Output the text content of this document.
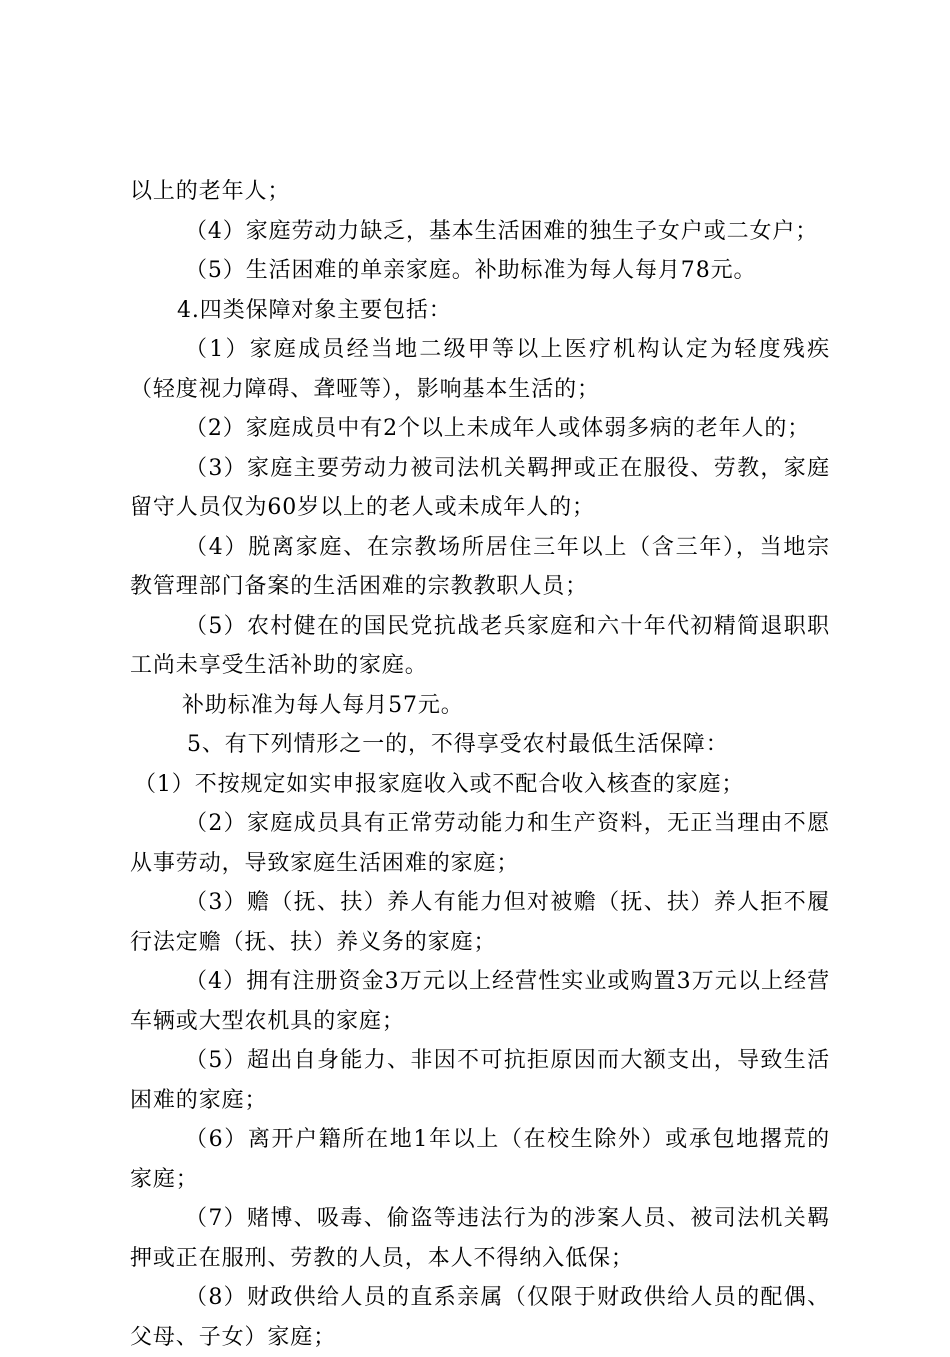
以上的老年人；

（4）家庭劳动力缺乏，基本生活困难的独生子女户或二女户；

（5）生活困难的单亲家庭。补助标准为每人每月78元。

4.四类保障对象主要包括：

（1）家庭成员经当地二级甲等以上医疗机构认定为轻度残疾（轻度视力障碍、聋哑等），影响基本生活的；

（2）家庭成员中有2个以上未成年人或体弱多病的老年人的；

（3）家庭主要劳动力被司法机关羁押或正在服役、劳教，家庭留守人员仅为60岁以上的老人或未成年人的；

（4）脱离家庭、在宗教场所居住三年以上（含三年），当地宗教管理部门备案的生活困难的宗教教职人员；

（5）农村健在的国民党抗战老兵家庭和六十年代初精简退职职工尚未享受生活补助的家庭。

补助标准为每人每月57元。

5、有下列情形之一的，不得享受农村最低生活保障：

（1）不按规定如实申报家庭收入或不配合收入核查的家庭；

（2）家庭成员具有正常劳动能力和生产资料，无正当理由不愿从事劳动，导致家庭生活困难的家庭；

（3）赡（抚、扶）养人有能力但对被赡（抚、扶）养人拒不履行法定赡（抚、扶）养义务的家庭；

（4）拥有注册资金3万元以上经营性实业或购置3万元以上经营车辆或大型农机具的家庭；

（5）超出自身能力、非因不可抗拒原因而大额支出，导致生活困难的家庭；

（6）离开户籍所在地1年以上（在校生除外）或承包地撂荒的家庭；

（7）赌博、吸毒、偷盗等违法行为的涉案人员、被司法机关羁押或正在服刑、劳教的人员，本人不得纳入低保；

（8）财政供给人员的直系亲属（仅限于财政供给人员的配偶、父母、子女）家庭；
